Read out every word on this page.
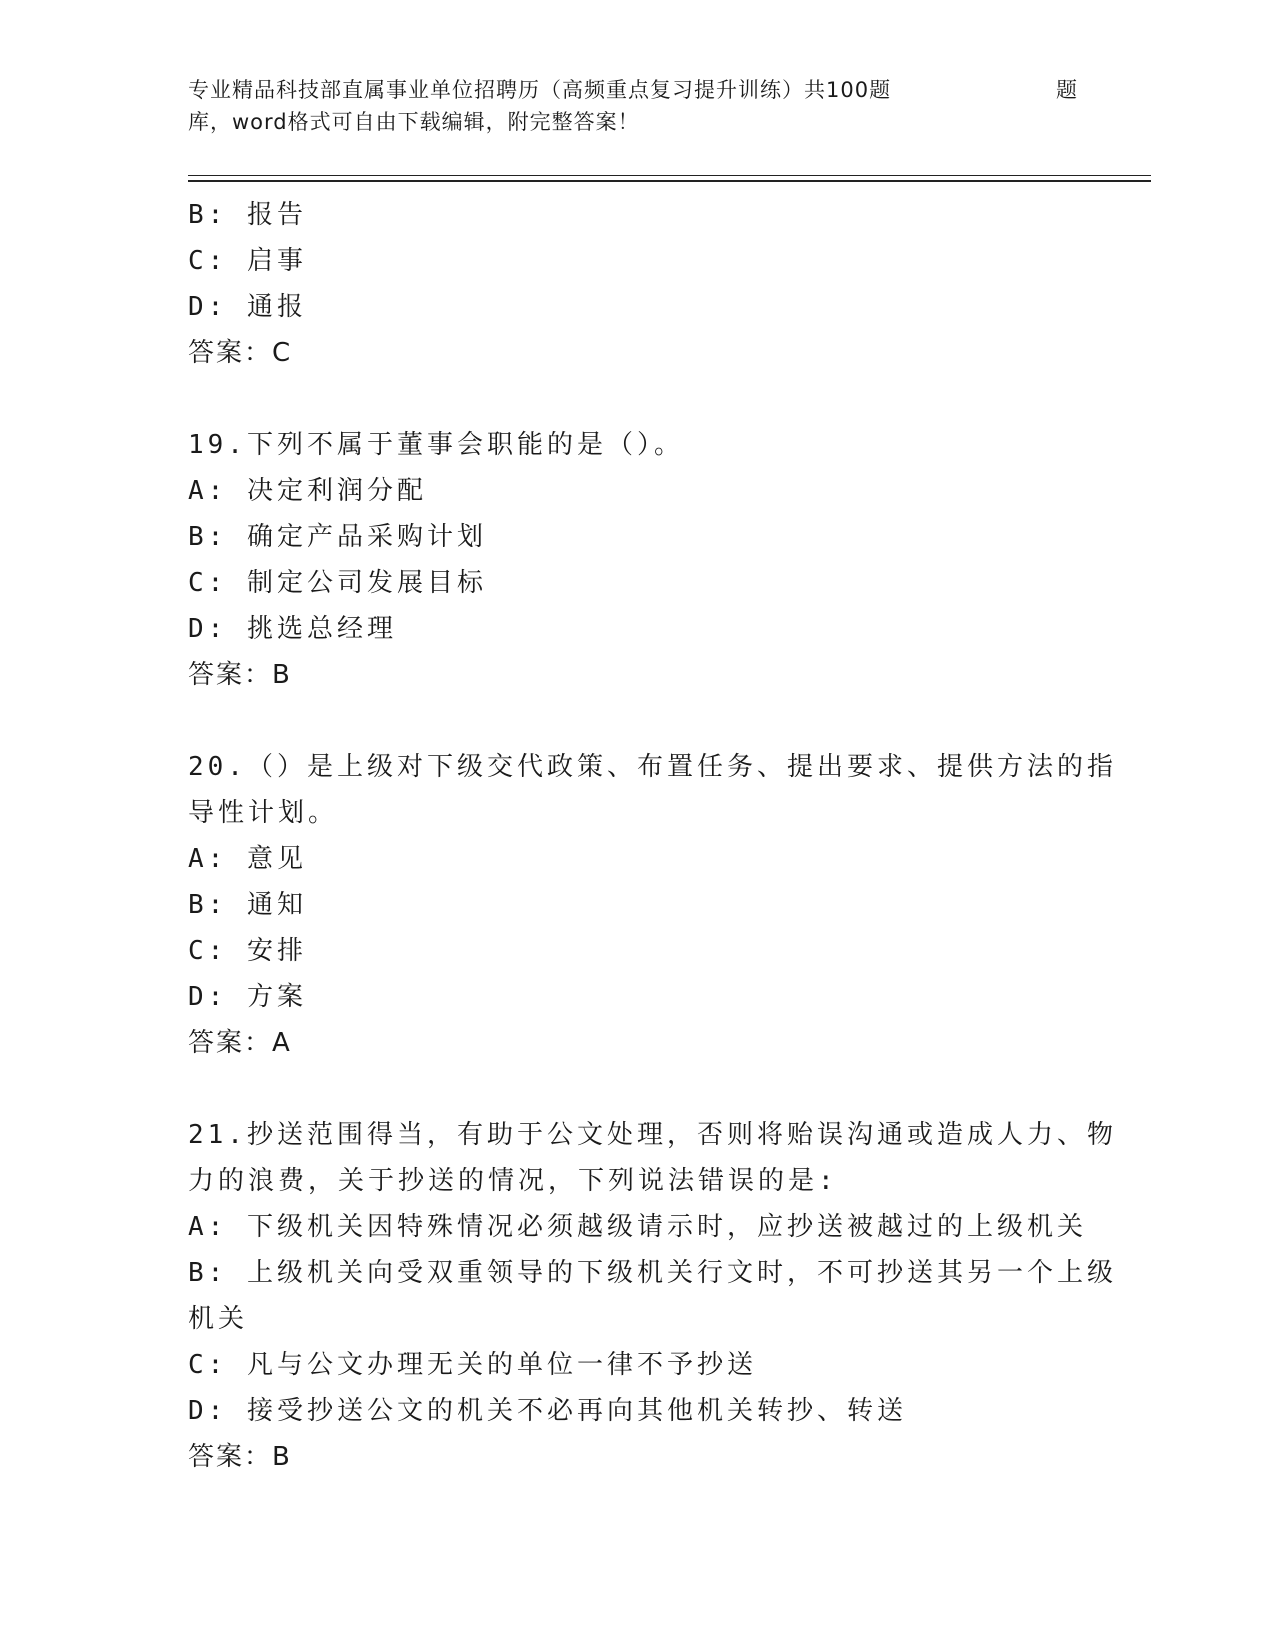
专业精品科技部直属事业单位招聘历（高频重点复习提升训练）共100题	题
库，word格式可自由下载编辑，附完整答案！
B: 报告
C: 启事
D: 通报
答案：C
19.下列不属于董事会职能的是（）。
A: 决定利润分配
B: 确定产品采购计划
C: 制定公司发展目标
D: 挑选总经理
答案：B
20.（）是上级对下级交代政策、布置任务、提出要求、提供方法的指
导性计划。
A: 意见
B: 通知
C: 安排
D: 方案
答案：A
21.抄送范围得当，有助于公文处理，否则将贻误沟通或造成人力、物
力的浪费，关于抄送的情况，下列说法错误的是:
A: 下级机关因特殊情况必须越级请示时，应抄送被越过的上级机关
B: 上级机关向受双重领导的下级机关行文时，不可抄送其另一个上级
机关
C: 凡与公文办理无关的单位一律不予抄送
D: 接受抄送公文的机关不必再向其他机关转抄、转送
答案：B
